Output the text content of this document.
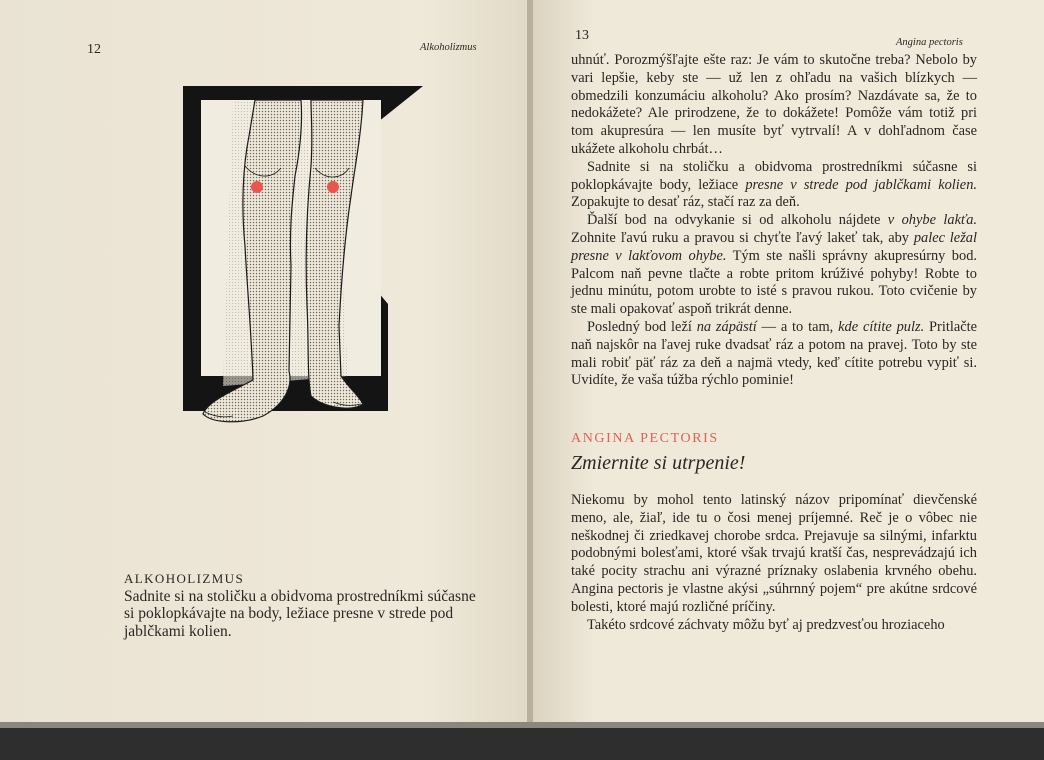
12	Alkoholizmus
ALKOHOLIZMUS
Sadnite si na stoličku a obidvoma prostredníkmi súčasne si poklopkávajte na body, ležiace presne v strede pod jablčkami kolien.
13	Angina pectoris

uhnúť. Porozmýšľajte ešte raz: Je vám to skutočne treba? Nebolo by vari lepšie, keby ste — už len z ohľadu na vašich blízkych — obmedzili konzumáciu alkoholu? Ako prosím? Nazdávate sa, že to nedokážete? Ale prirodzene, že to dokážete! Pomôže vám totiž pri tom akupresúra — len musíte byť vytrvalí! A v dohľadnom čase ukážete alkoholu chrbát…

Sadnite si na stoličku a obidvoma prostredníkmi súčasne si poklopkávajte body, ležiace presne v strede pod jablčkami kolien. Zopakujte to desať ráz, stačí raz za deň.

Ďalší bod na odvykanie si od alkoholu nájdete v ohybe lakťa. Zohnite ľavú ruku a pravou si chyťte ľavý lakeť tak, aby palec ležal presne v lakťovom ohybe. Tým ste našli správny akupresúrny bod. Palcom naň pevne tlačte a robte pritom krúživé pohyby! Robte to jednu minútu, potom urobte to isté s pravou rukou. Toto cvičenie by ste mali opakovať aspoň trikrát denne.

Posledný bod leží na zápästí — a to tam, kde cítite pulz. Pritlačte naň najskôr na ľavej ruke dvadsať ráz a potom na pravej. Toto by ste mali robiť päť ráz za deň a najmä vtedy, keď cítite potrebu vypiť si. Uvidíte, že vaša túžba rýchlo pominie!

ANGINA PECTORIS
Zmiernite si utrpenie!

Niekomu by mohol tento latinský názov pripomínať dievčenské meno, ale, žiaľ, ide tu o čosi menej príjemné. Reč je o vôbec nie neškodnej či zriedkavej chorobe srdca. Prejavuje sa silnými, infarktu podobnými bolesťami, ktoré však trvajú kratší čas, nesprevádzajú ich také pocity strachu ani výrazné príznaky oslabenia krvného obehu. Angina pectoris je vlastne akýsi „súhrnný pojem“ pre akútne srdcové bolesti, ktoré majú rozličné príčiny.

Takéto srdcové záchvaty môžu byť aj predzvesťou hroziaceho
